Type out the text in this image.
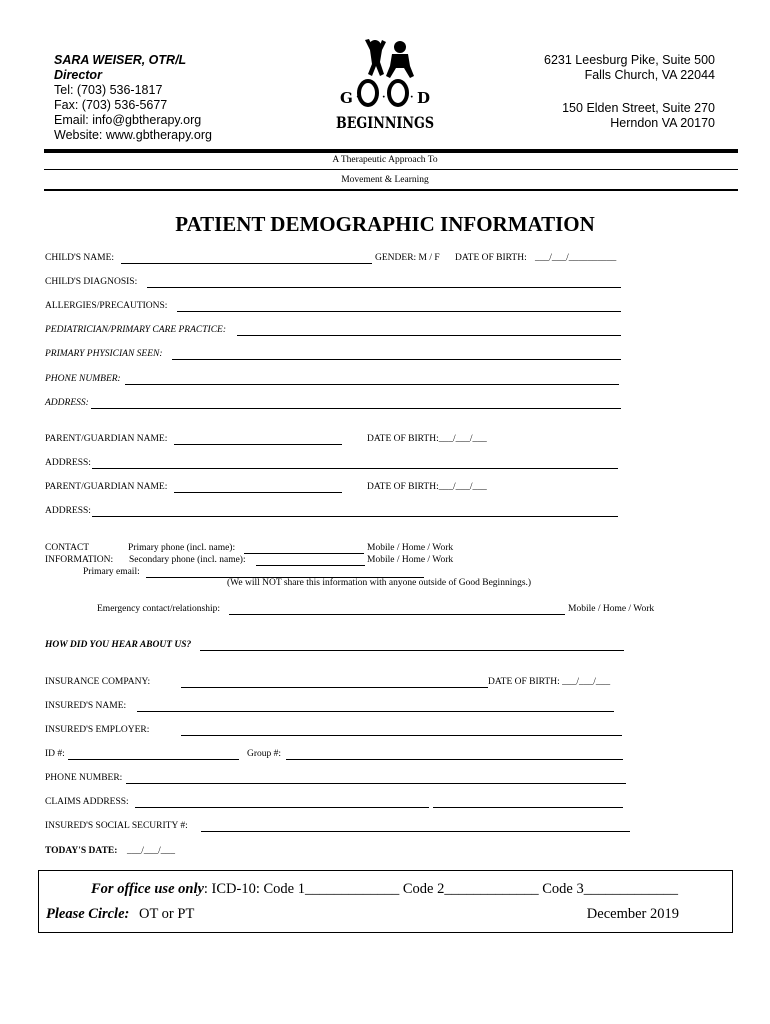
SARA WEISER, OTR/L
Director
Tel: (703) 536-1817
Fax: (703) 536-5677
Email: info@gbtherapy.org
Website: www.gbtherapy.org
6231 Leesburg Pike, Suite 500
Falls Church, VA 22044
150 Elden Street, Suite 270
Herndon VA 20170
G · · · D
BEGINNINGS
A Therapeutic Approach To
Movement & Learning
PATIENT DEMOGRAPHIC INFORMATION
CHILD'S NAME:	GENDER: M / F DATE OF BIRTH: ___/___/__________
CHILD'S DIAGNOSIS:
ALLERGIES/PRECAUTIONS:
PEDIATRICIAN/PRIMARY CARE PRACTICE:
PRIMARY PHYSICIAN SEEN:
PHONE NUMBER:
ADDRESS:
PARENT/GUARDIAN NAME:	DATE OF BIRTH:___/___/___
ADDRESS:
PARENT/GUARDIAN NAME:	DATE OF BIRTH:___/___/___
ADDRESS:
CONTACT
INFORMATION:
Primary phone (incl. name):	Mobile / Home / Work
Secondary phone (incl. name):	Mobile / Home / Work
Primary email:
(We will NOT share this information with anyone outside of Good Beginnings.)
Emergency contact/relationship:	Mobile / Home / Work
HOW DID YOU HEAR ABOUT US?
INSURANCE COMPANY:	DATE OF BIRTH: ___/___/___
INSURED'S NAME:
INSURED'S EMPLOYER:
ID #:	Group #:
PHONE NUMBER:
CLAIMS ADDRESS:
INSURED'S SOCIAL SECURITY #:
TODAY'S DATE: ___/___/___
For office use only: ICD-10: Code 1_____________ Code 2_____________ Code 3_____________
Please Circle: OT or PT	December 2019
